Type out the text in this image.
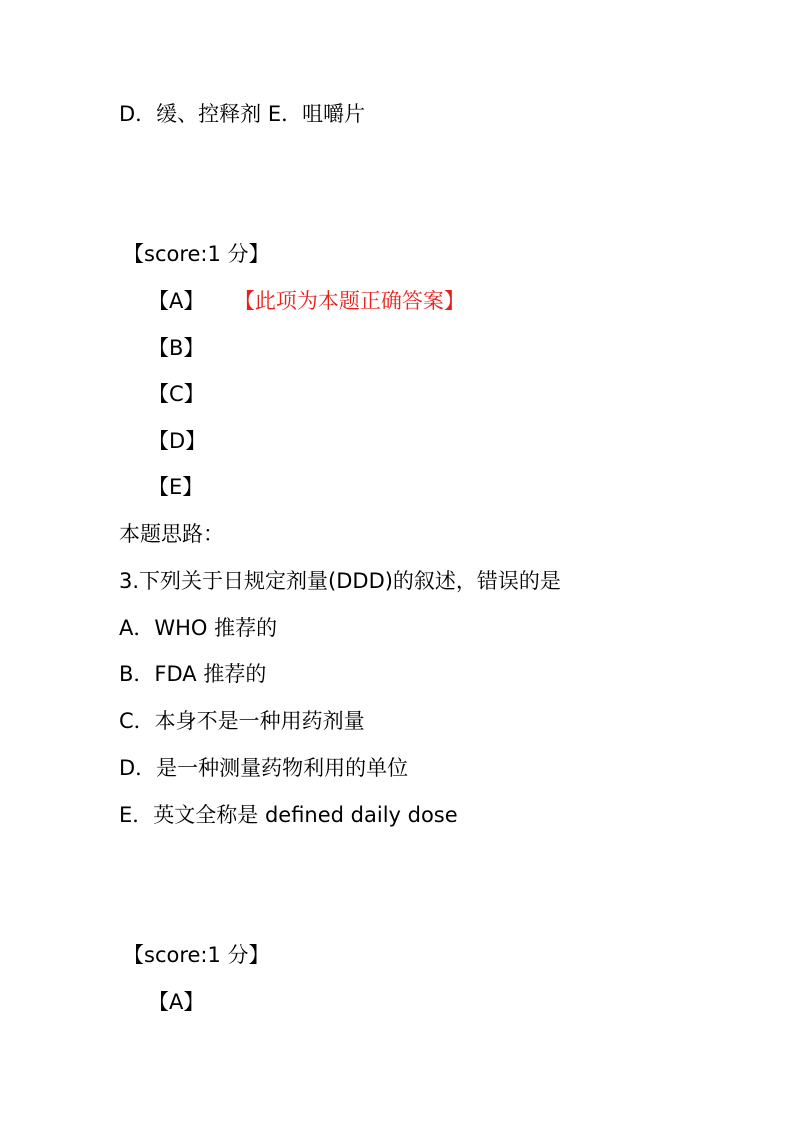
D．缓、控释剂 E．咀嚼片
【score:1 分】
【A】 【此项为本题正确答案】
【B】
【C】
【D】
【E】
本题思路：
3.下列关于日规定剂量(DDD)的叙述，错误的是
A．WHO 推荐的
B．FDA 推荐的
C．本身不是一种用药剂量
D．是一种测量药物利用的单位
E．英文全称是 defined daily dose
【score:1 分】
【A】
